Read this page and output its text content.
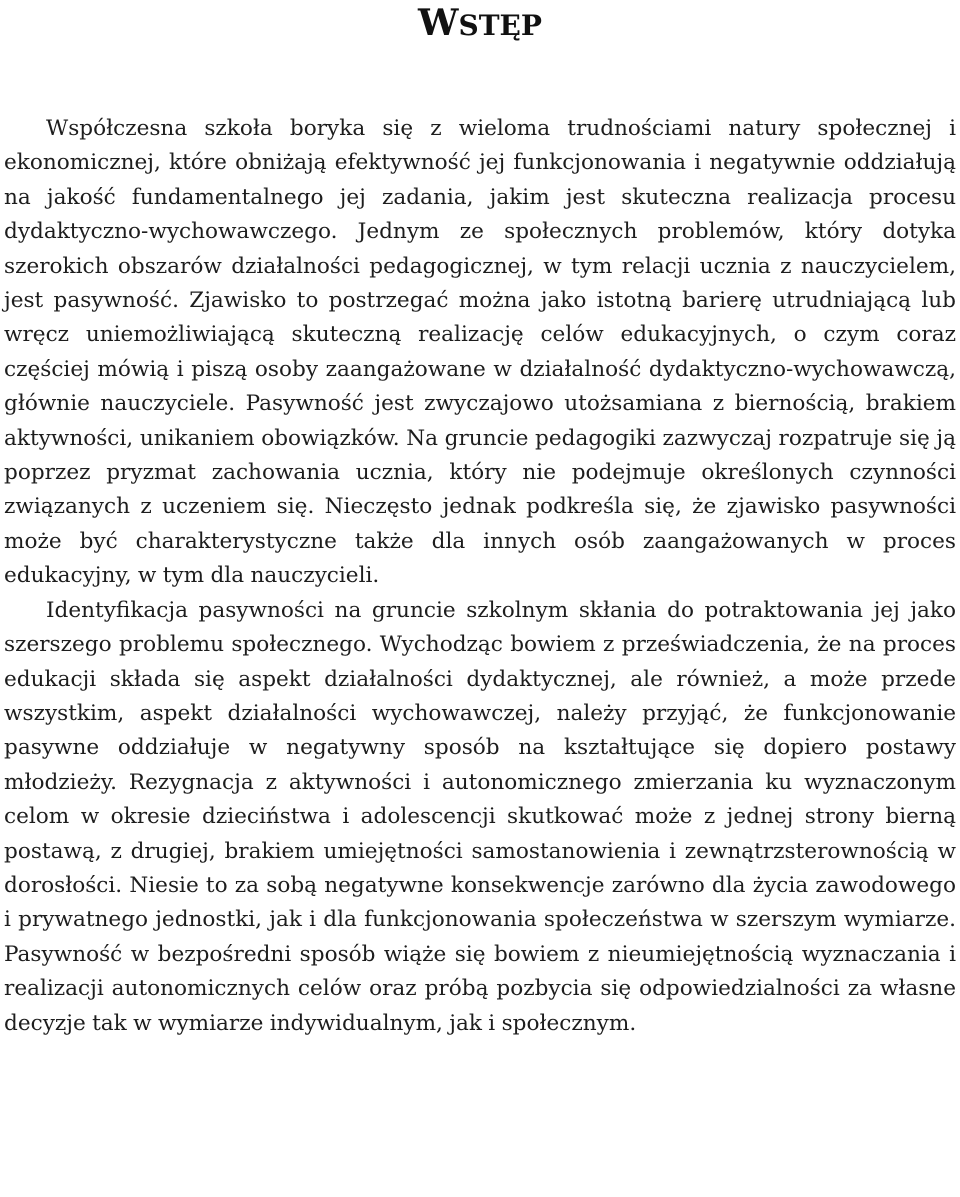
WSTĘP

Współczesna szkoła boryka się z wieloma trudnościami natury społecznej i ekonomicznej, które obniżają efektywność jej funkcjonowania i negatywnie oddziałują na jakość fundamentalnego jej zadania, jakim jest skuteczna realizacja procesu dydaktyczno-wychowawczego. Jednym ze społecznych problemów, który dotyka szerokich obszarów działalności pedagogicznej, w tym relacji ucznia z nauczycielem, jest pasywność. Zjawisko to postrzegać można jako istotną barierę utrudniającą lub wręcz uniemożliwiającą skuteczną realizację celów edukacyjnych, o czym coraz częściej mówią i piszą osoby zaangażowane w działalność dydaktyczno-wychowawczą, głównie nauczyciele. Pasywność jest zwyczajowo utożsamiana z biernością, brakiem aktywności, unikaniem obowiązków. Na gruncie pedagogiki zazwyczaj rozpatruje się ją poprzez pryzmat zachowania ucznia, który nie podejmuje określonych czynności związanych z uczeniem się. Nieczęsto jednak podkreśla się, że zjawisko pasywności może być charakterystyczne także dla innych osób zaangażowanych w proces edukacyjny, w tym dla nauczycieli.

Identyfikacja pasywności na gruncie szkolnym skłania do potraktowania jej jako szerszego problemu społecznego. Wychodząc bowiem z przeświadczenia, że na proces edukacji składa się aspekt działalności dydaktycznej, ale również, a może przede wszystkim, aspekt działalności wychowawczej, należy przyjąć, że funkcjonowanie pasywne oddziałuje w negatywny sposób na kształtujące się dopiero postawy młodzieży. Rezygnacja z aktywności i autonomicznego zmierzania ku wyznaczonym celom w okresie dzieciństwa i adolescencji skutkować może z jednej strony bierną postawą, z drugiej, brakiem umiejętności samostanowienia i zewnątrzsterownością w dorosłości. Niesie to za sobą negatywne konsekwencje zarówno dla życia zawodowego i prywatnego jednostki, jak i dla funkcjonowania społeczeństwa w szerszym wymiarze. Pasywność w bezpośredni sposób wiąże się bowiem z nieumiejętnością wyznaczania i realizacji autonomicznych celów oraz próbą pozbycia się odpowiedzialności za własne decyzje tak w wymiarze indywidualnym, jak i społecznym.
